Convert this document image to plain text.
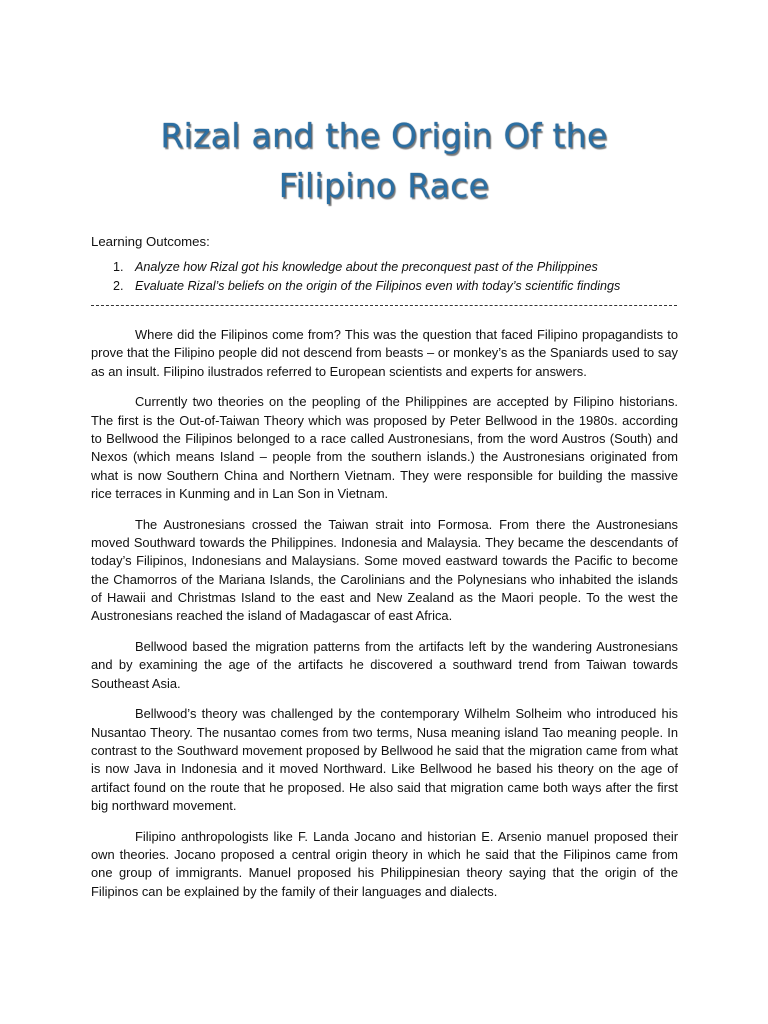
Rizal and the Origin Of the
Filipino Race
Learning Outcomes:
1. Analyze how Rizal got his knowledge about the preconquest past of the Philippines
2. Evaluate Rizal’s beliefs on the origin of the Filipinos even with today’s scientific findings

Where did the Filipinos come from? This was the question that faced Filipino propagandists to prove that the Filipino people did not descend from beasts – or monkey’s as the Spaniards used to say as an insult. Filipino ilustrados referred to European scientists and experts for answers.

Currently two theories on the peopling of the Philippines are accepted by Filipino historians. The first is the Out-of-Taiwan Theory which was proposed by Peter Bellwood in the 1980s. according to Bellwood the Filipinos belonged to a race called Austronesians, from the word Austros (South) and Nexos (which means Island – people from the southern islands.) the Austronesians originated from what is now Southern China and Northern Vietnam. They were responsible for building the massive rice terraces in Kunming and in Lan Son in Vietnam.

The Austronesians crossed the Taiwan strait into Formosa. From there the Austronesians moved Southward towards the Philippines. Indonesia and Malaysia. They became the descendants of today’s Filipinos, Indonesians and Malaysians. Some moved eastward towards the Pacific to become the Chamorros of the Mariana Islands, the Carolinians and the Polynesians who inhabited the islands of Hawaii and Christmas Island to the east and New Zealand as the Maori people. To the west the Austronesians reached the island of Madagascar of east Africa.

Bellwood based the migration patterns from the artifacts left by the wandering Austronesians and by examining the age of the artifacts he discovered a southward trend from Taiwan towards Southeast Asia.

Bellwood’s theory was challenged by the contemporary Wilhelm Solheim who introduced his Nusantao Theory. The nusantao comes from two terms, Nusa meaning island Tao meaning people. In contrast to the Southward movement proposed by Bellwood he said that the migration came from what is now Java in Indonesia and it moved Northward. Like Bellwood he based his theory on the age of artifact found on the route that he proposed. He also said that migration came both ways after the first big northward movement.

Filipino anthropologists like F. Landa Jocano and historian E. Arsenio manuel proposed their own theories. Jocano proposed a central origin theory in which he said that the Filipinos came from one group of immigrants. Manuel proposed his Philippinesian theory saying that the origin of the Filipinos can be explained by the family of their languages and dialects.
